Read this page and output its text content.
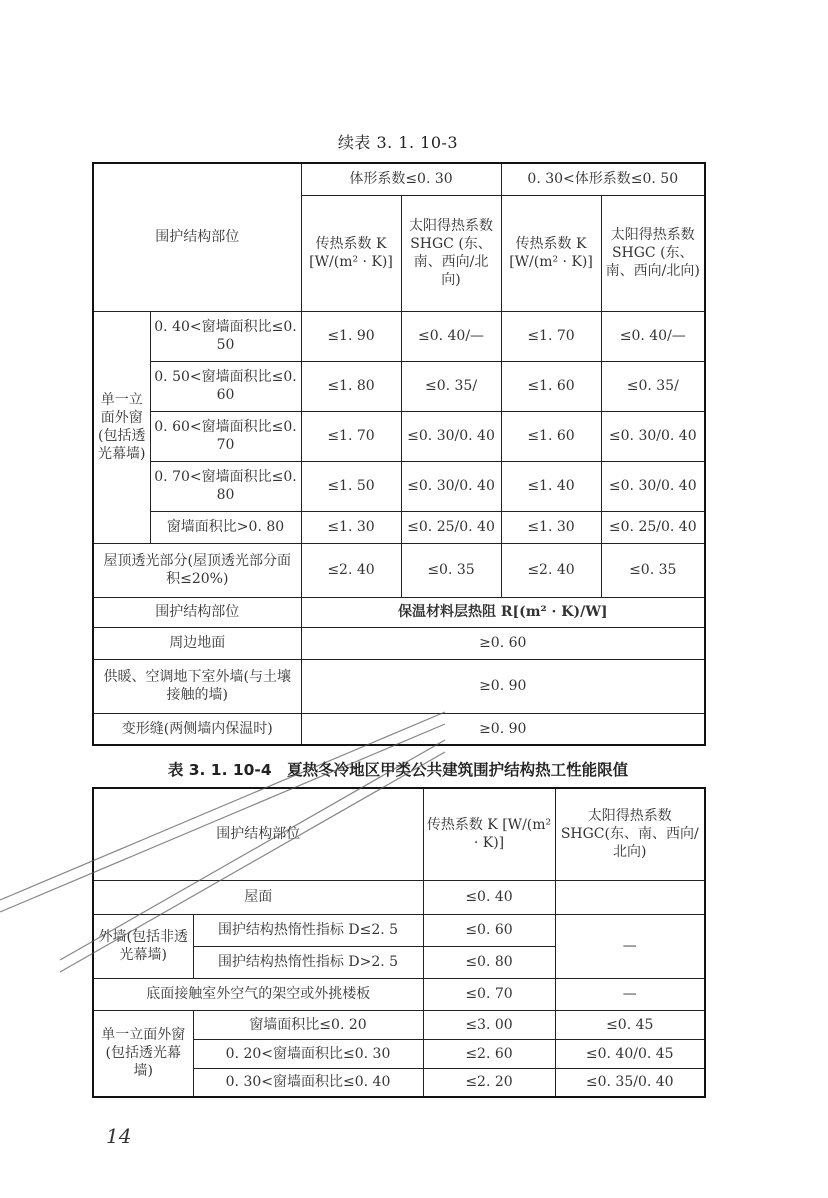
续表 3. 1. 10-3
围护结构部位		体形系数≤0. 30		0. 30<体形系数≤0. 50	
		传热系数 K [W/(m² · K)]	太阳得热系数 SHGC (东、南、西向/北向)	传热系数 K [W/(m² · K)]	太阳得热系数 SHGC (东、南、西向/北向)
单一立面外窗(包括透光幕墙)	0. 40<窗墙面积比≤0. 50	≤1. 90	≤0. 40/—	≤1. 70	≤0. 40/—
	0. 50<窗墙面积比≤0. 60	≤1. 80	≤0. 35/	≤1. 60	≤0. 35/
	0. 60<窗墙面积比≤0. 70	≤1. 70	≤0. 30/0. 40	≤1. 60	≤0. 30/0. 40
	0. 70<窗墙面积比≤0. 80	≤1. 50	≤0. 30/0. 40	≤1. 40	≤0. 30/0. 40
	窗墙面积比>0. 80	≤1. 30	≤0. 25/0. 40	≤1. 30	≤0. 25/0. 40
屋顶透光部分(屋顶透光部分面积≤20%)		≤2. 40	≤0. 35	≤2. 40	≤0. 35
围护结构部位		保温材料层热阻 R[(m² · K)/W]			
周边地面		≥0. 60			
供暖、空调地下室外墙(与土壤接触的墙)		≥0. 90			
变形缝(两侧墙内保温时)		≥0. 90			
表 3. 1. 10-4　夏热冬冷地区甲类公共建筑围护结构热工性能限值
围护结构部位		传热系数 K [W/(m² · K)]	太阳得热系数 SHGC(东、南、西向/北向)
屋面		≤0. 40	
外墙(包括非透光幕墙)	围护结构热惰性指标 D≤2. 5	≤0. 60	—
	围护结构热惰性指标 D>2. 5	≤0. 80	
底面接触室外空气的架空或外挑楼板		≤0. 70	—
单一立面外窗(包括透光幕墙)	窗墙面积比≤0. 20	≤3. 00	≤0. 45
	0. 20<窗墙面积比≤0. 30	≤2. 60	≤0. 40/0. 45
	0. 30<窗墙面积比≤0. 40	≤2. 20	≤0. 35/0. 40
14
